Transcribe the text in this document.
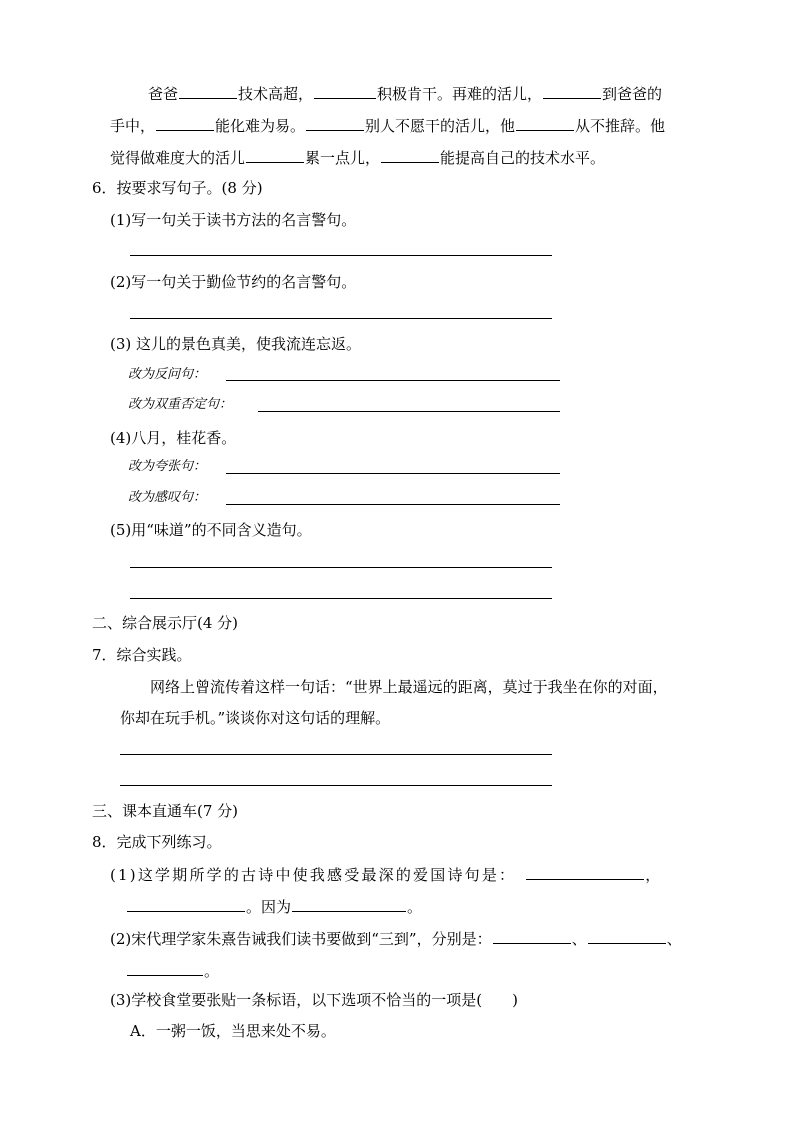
爸爸	技术高超，	积极肯干。再难的活儿，	到爸爸的
手中，	能化难为易。	别人不愿干的活儿，他	从不推辞。他
觉得做难度大的活儿	累一点儿，	能提高自己的技术水平。
6．按要求写句子。(8 分)
(1)写一句关于读书方法的名言警句。
(2)写一句关于勤俭节约的名言警句。
(3) 这儿的景色真美，使我流连忘返。
改为反问句：
改为双重否定句：
(4)八月，桂花香。
改为夸张句：
改为感叹句：
(5)用“味道”的不同含义造句。
二、综合展示厅(4 分)
7．综合实践。
网络上曾流传着这样一句话：“世界上最遥远的距离，莫过于我坐在你的对面，
你却在玩手机。”谈谈你对这句话的理解。
三、课本直通车(7 分)
8．完成下列练习。
(1)这学期所学的古诗中使我感受最深的爱国诗句是：	，
。因为	。
(2)宋代理学家朱熹告诫我们读书要做到“三到”，分别是：	、	、
。
(3)学校食堂要张贴一条标语，以下选项不恰当的一项是(　　)
A．一粥一饭，当思来处不易。
